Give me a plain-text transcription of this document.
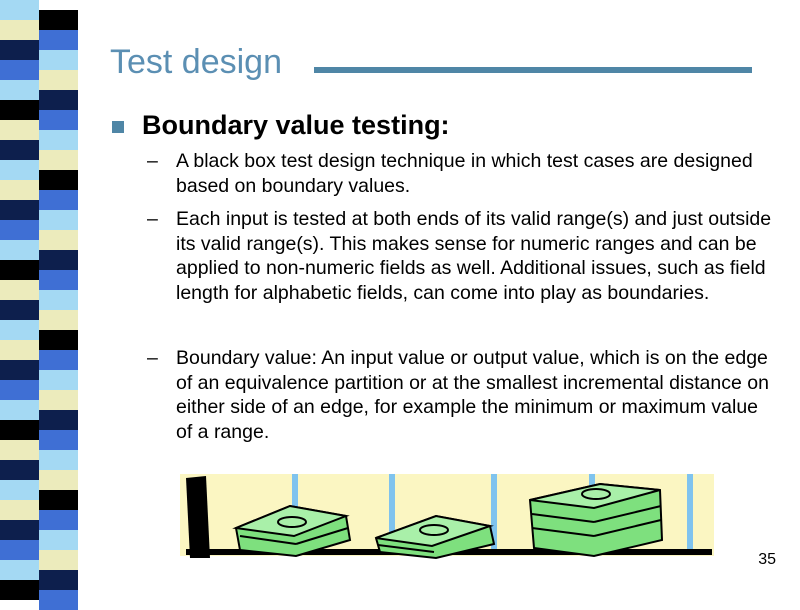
Test design
Boundary value testing:
– A black box test design technique in which test cases are designed based on boundary values.
– Each input is tested at both ends of its valid range(s) and just outside its valid range(s). This makes sense for numeric ranges and can be applied to non-numeric fields as well. Additional issues, such as field length for alphabetic fields, can come into play as boundaries.
– Boundary value: An input value or output value, which is on the edge of an equivalence partition or at the smallest incremental distance on either side of an edge, for example the minimum or maximum value of a range.
35
